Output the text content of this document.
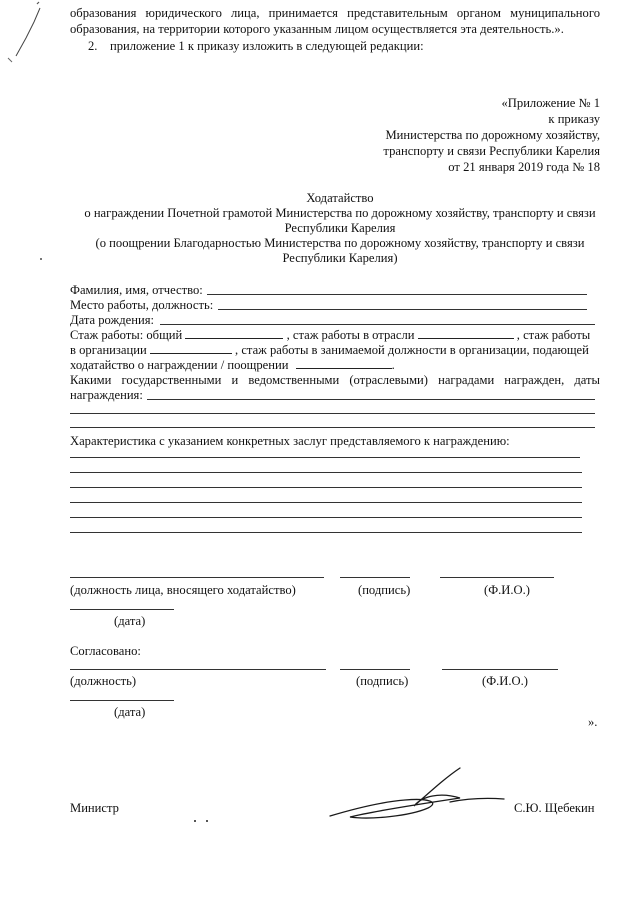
образования юридического лица, принимается представительным органом муниципального
образования, на территории которого указанным лицом осуществляется эта деятельность.».
2. приложение 1 к приказу изложить в следующей редакции:
«Приложение № 1
к приказу
Министерства по дорожному хозяйству,
транспорту и связи Республики Карелия
от 21 января 2019 года № 18
Ходатайство
о награждении Почетной грамотой Министерства по дорожному хозяйству, транспорту и связи
Республики Карелия
(о поощрении Благодарностью Министерства по дорожному хозяйству, транспорту и связи
Республики Карелия)
Фамилия, имя, отчество:
Место работы, должность:
Дата рождения:
Стаж работы: общий	, стаж работы в отрасли	, стаж работы
в организации	, стаж работы в занимаемой должности в организации, подающей
ходатайство о награждении / поощрении	.
Какими государственными и ведомственными (отраслевыми) наградами награжден, даты
награждения:
Характеристика с указанием конкретных заслуг представляемого к награждению:
(должность лица, вносящего ходатайство)	(подпись)	(Ф.И.О.)
(дата)
Согласовано:
(должность)	(подпись)	(Ф.И.О.)
(дата)
».
Министр	С.Ю. Щебекин
